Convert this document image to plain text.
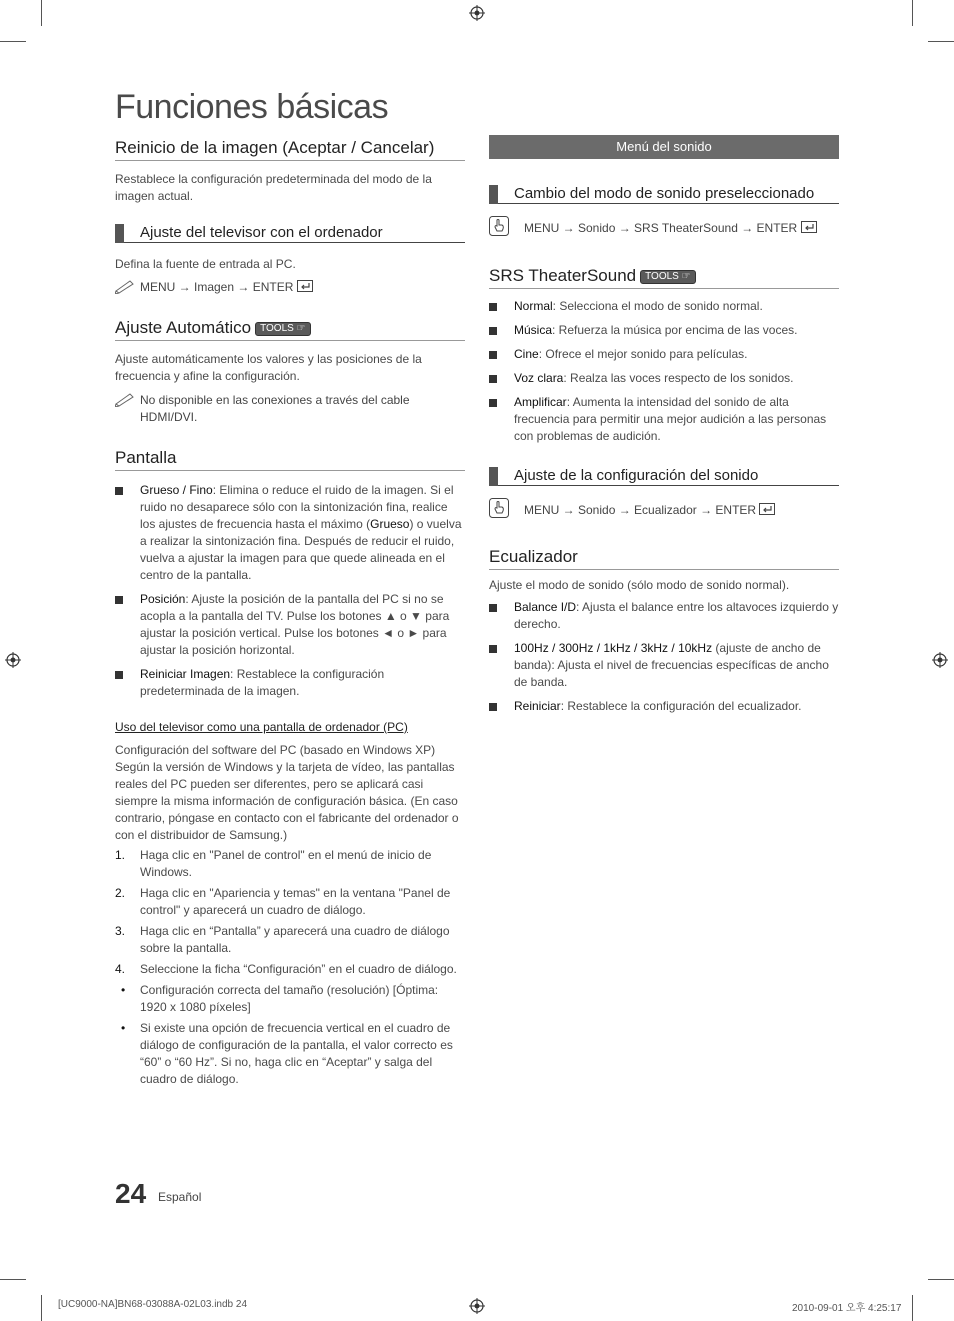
Funciones básicas
Reinicio de la imagen (Aceptar / Cancelar)

Restablece la configuración predeterminada del modo de la imagen actual.

Ajuste del televisor con el ordenador

Defina la fuente de entrada al PC.

MENU → Imagen → ENTER
Ajuste Automático TOOLS ☞

Ajuste automáticamente los valores y las posiciones de la frecuencia y afine la configuración.

No disponible en las conexiones a través del cable HDMI/DVI.
Pantalla
Grueso / Fino: Elimina o reduce el ruido de la imagen. Si el ruido no desaparece sólo con la sintonización fina, realice los ajustes de frecuencia hasta el máximo (Grueso) o vuelva a realizar la sintonización fina. Después de reducir el ruido, vuelva a ajustar la imagen para que quede alineada en el centro de la pantalla.
Posición: Ajuste la posición de la pantalla del PC si no se acopla a la pantalla del TV. Pulse los botones ▲ o ▼ para ajustar la posición vertical. Pulse los botones ◄ o ► para ajustar la posición horizontal.
Reiniciar Imagen: Restablece la configuración predeterminada de la imagen.

Uso del televisor como una pantalla de ordenador (PC)

Configuración del software del PC (basado en Windows XP) Según la versión de Windows y la tarjeta de vídeo, las pantallas reales del PC pueden ser diferentes, pero se aplicará casi siempre la misma información de configuración básica. (En caso contrario, póngase en contacto con el fabricante del ordenador o con el distribuidor de Samsung.)

1. Haga clic en "Panel de control" en el menú de inicio de Windows.
2. Haga clic en "Apariencia y temas" en la ventana "Panel de control" y aparecerá un cuadro de diálogo.
3. Haga clic en “Pantalla” y aparecerá una cuadro de diálogo sobre la pantalla.
4. Seleccione la ficha “Configuración” en el cuadro de diálogo.
• Configuración correcta del tamaño (resolución) [Óptima: 1920 x 1080 píxeles]
• Si existe una opción de frecuencia vertical en el cuadro de diálogo de configuración de la pantalla, el valor correcto es “60” o “60 Hz”. Si no, haga clic en “Aceptar” y salga del cuadro de diálogo.
Menú del sonido
Cambio del modo de sonido preseleccionado
MENU → Sonido → SRS TheaterSound → ENTER
SRS TheaterSound TOOLS ☞
Normal: Selecciona el modo de sonido normal.
Música: Refuerza la música por encima de las voces.
Cine: Ofrece el mejor sonido para películas.
Voz clara: Realza las voces respecto de los sonidos.
Amplificar: Aumenta la intensidad del sonido de alta frecuencia para permitir una mejor audición a las personas con problemas de audición.
Ajuste de la configuración del sonido
MENU → Sonido → Ecualizador → ENTER
Ecualizador

Ajuste el modo de sonido (sólo modo de sonido normal).

Balance I/D: Ajusta el balance entre los altavoces izquierdo y derecho.
100Hz / 300Hz / 1kHz / 3kHz / 10kHz (ajuste de ancho de banda): Ajusta el nivel de frecuencias específicas de ancho de banda.
Reiniciar: Restablece la configuración del ecualizador.
24 Español
[UC9000-NA]BN68-03088A-02L03.indb 24	2010-09-01 오후 4:25:17
